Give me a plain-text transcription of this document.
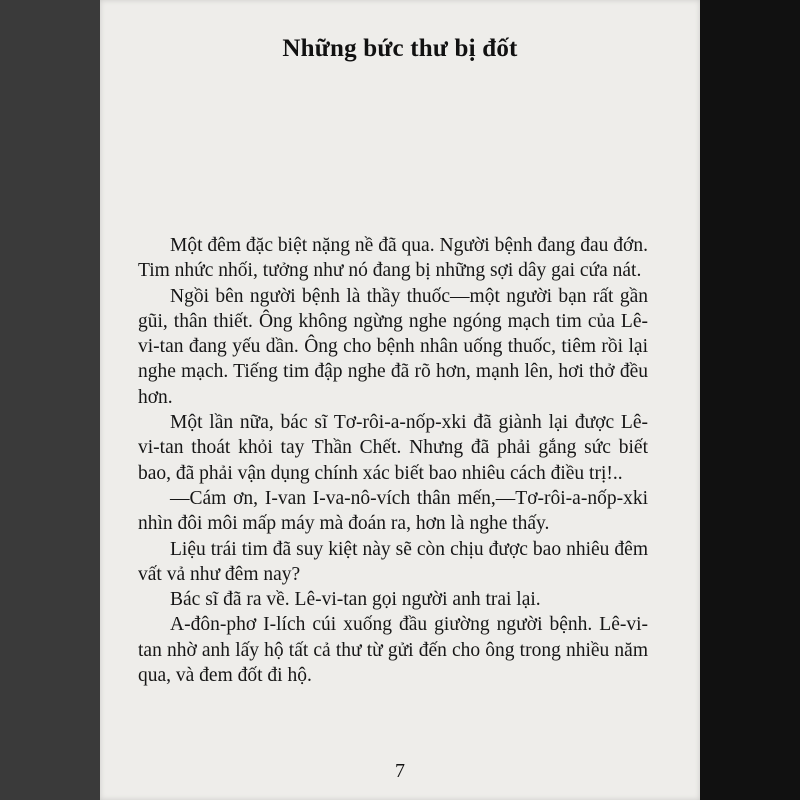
Những bức thư bị đốt

Một đêm đặc biệt nặng nề đã qua. Người bệnh đang đau đớn. Tim nhức nhối, tưởng như nó đang bị những sợi dây gai cứa nát.

Ngồi bên người bệnh là thầy thuốc—một người bạn rất gần gũi, thân thiết. Ông không ngừng nghe ngóng mạch tim của Lê-vi-tan đang yếu dần. Ông cho bệnh nhân uống thuốc, tiêm rồi lại nghe mạch. Tiếng tim đập nghe đã rõ hơn, mạnh lên, hơi thở đều hơn.

Một lần nữa, bác sĩ Tơ-rôi-a-nốp-xki đã giành lại được Lê-vi-tan thoát khỏi tay Thần Chết. Nhưng đã phải gắng sức biết bao, đã phải vận dụng chính xác biết bao nhiêu cách điều trị!..

—Cám ơn, I-van I-va-nô-vích thân mến,—Tơ-rôi-a-nốp-xki nhìn đôi môi mấp máy mà đoán ra, hơn là nghe thấy.

Liệu trái tim đã suy kiệt này sẽ còn chịu được bao nhiêu đêm vất vả như đêm nay?

Bác sĩ đã ra về. Lê-vi-tan gọi người anh trai lại.

A-đôn-phơ I-lích cúi xuống đầu giường người bệnh. Lê-vi-tan nhờ anh lấy hộ tất cả thư từ gửi đến cho ông trong nhiều năm qua, và đem đốt đi hộ.

7
